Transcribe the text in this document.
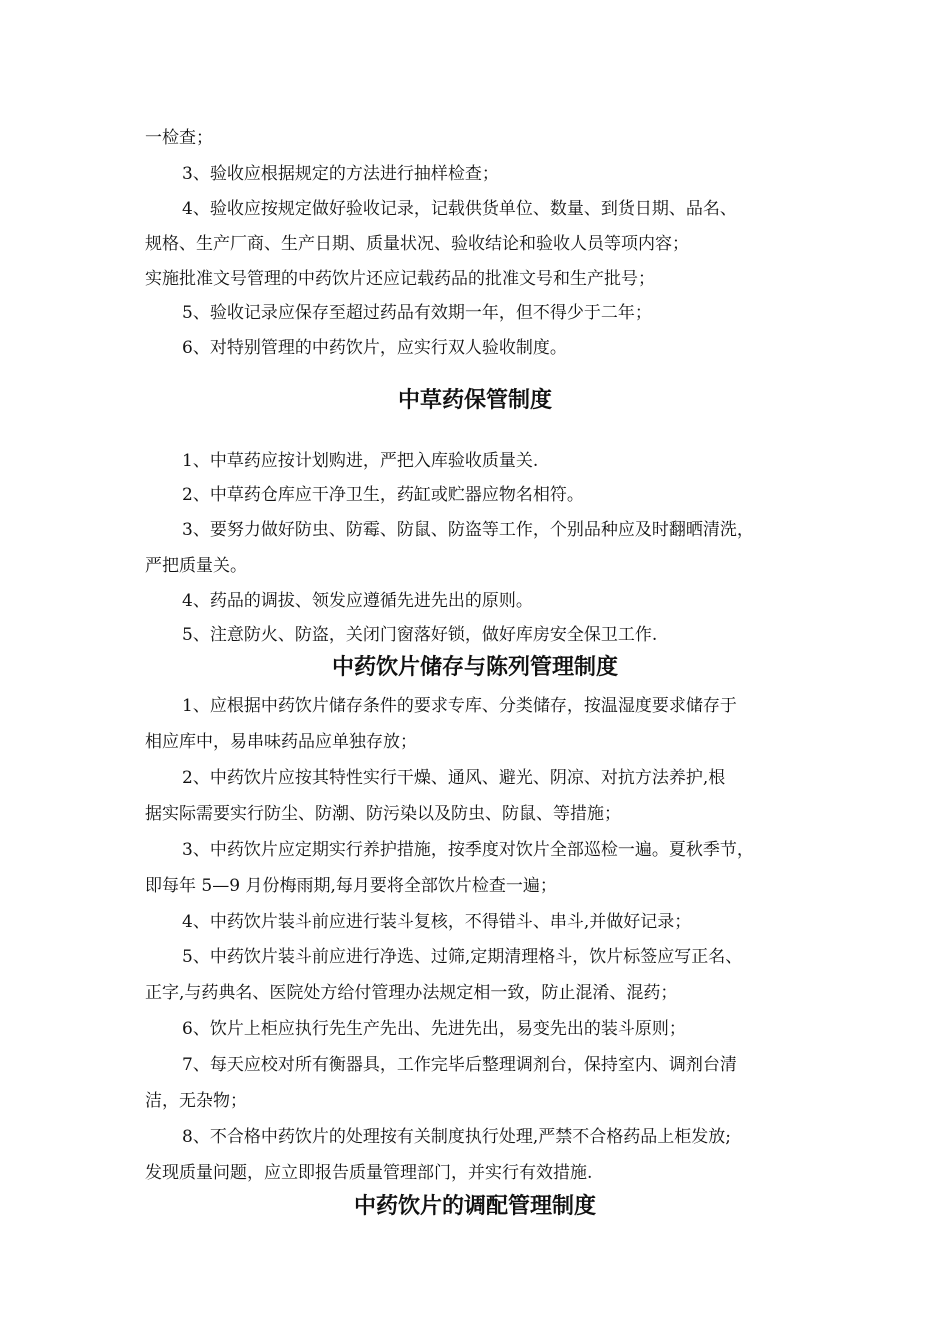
一检查；
3、验收应根据规定的方法进行抽样检查；
4、验收应按规定做好验收记录，记载供货单位、数量、到货日期、品名、
规格、生产厂商、生产日期、质量状况、验收结论和验收人员等项内容；
实施批准文号管理的中药饮片还应记载药品的批准文号和生产批号；
5、验收记录应保存至超过药品有效期一年，但不得少于二年；
6、对特别管理的中药饮片，应实行双人验收制度。
中草药保管制度
1、中草药应按计划购进，严把入库验收质量关.
2、中草药仓库应干净卫生，药缸或贮器应物名相符。
3、要努力做好防虫、防霉、防鼠、防盗等工作，个别品种应及时翻晒清洗，
严把质量关。
4、药品的调拔、领发应遵循先进先出的原则。
5、注意防火、防盗，关闭门窗落好锁，做好库房安全保卫工作.
中药饮片储存与陈列管理制度
1、应根据中药饮片储存条件的要求专库、分类储存，按温湿度要求储存于
相应库中，易串味药品应单独存放；
2、中药饮片应按其特性实行干燥、通风、避光、阴凉、对抗方法养护,根
据实际需要实行防尘、防潮、防污染以及防虫、防鼠、等措施；
3、中药饮片应定期实行养护措施，按季度对饮片全部巡检一遍。夏秋季节，
即每年 5—9 月份梅雨期,每月要将全部饮片检查一遍；
4、中药饮片装斗前应进行装斗复核，不得错斗、串斗,并做好记录；
5、中药饮片装斗前应进行净选、过筛,定期清理格斗，饮片标签应写正名、
正字,与药典名、医院处方给付管理办法规定相一致，防止混淆、混药；
6、饮片上柜应执行先生产先出、先进先出，易变先出的装斗原则；
7、每天应校对所有衡器具，工作完毕后整理调剂台，保持室内、调剂台清
洁，无杂物；
8、不合格中药饮片的处理按有关制度执行处理,严禁不合格药品上柜发放;
发现质量问题，应立即报告质量管理部门，并实行有效措施.
中药饮片的调配管理制度
